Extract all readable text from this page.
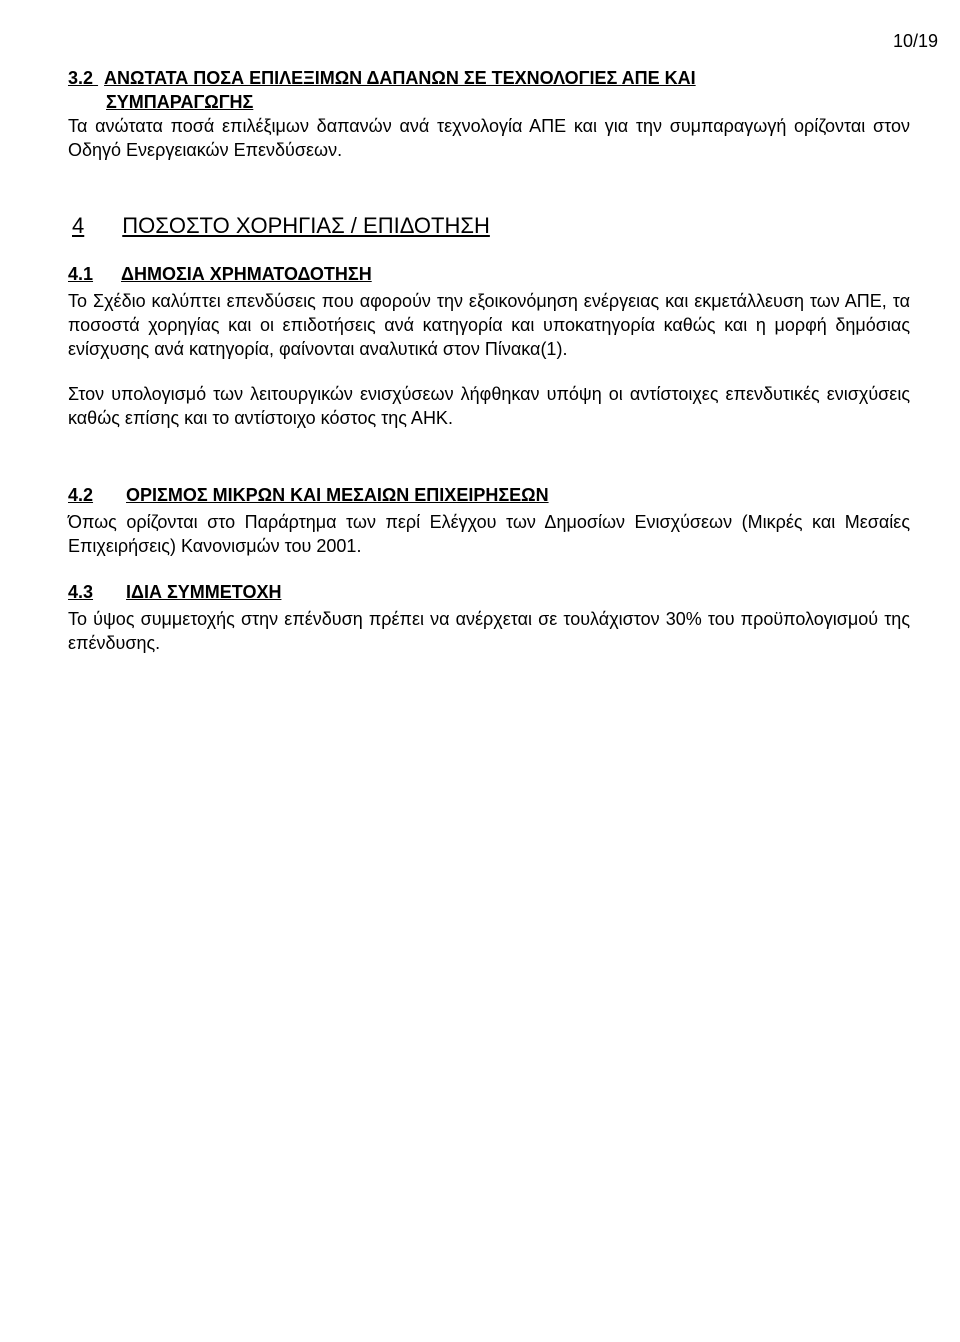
10/19
3.2 ΑΝΩΤΑΤΑ ΠΟΣΑ ΕΠΙΛΕΞΙΜΩΝ ΔΑΠΑΝΩΝ ΣΕ ΤΕΧΝΟΛΟΓΙΕΣ ΑΠΕ ΚΑΙ
ΣΥΜΠΑΡΑΓΩΓΗΣ
Τα ανώτατα ποσά επιλέξιμων δαπανών ανά τεχνολογία ΑΠΕ και για την συμπαραγωγή ορίζονται στον Οδηγό Ενεργειακών Επενδύσεων.
4 ΠΟΣΟΣΤΟ ΧΟΡΗΓΙΑΣ / ΕΠΙΔΟΤΗΣΗ
4.1 ΔΗΜΟΣΙΑ ΧΡΗΜΑΤΟΔΟΤΗΣΗ
Το Σχέδιο καλύπτει επενδύσεις που αφορούν την εξοικονόμηση ενέργειας και εκμετάλλευση των ΑΠΕ, τα ποσοστά χορηγίας και οι επιδοτήσεις ανά κατηγορία και υποκατηγορία καθώς και η μορφή δημόσιας ενίσχυσης ανά κατηγορία, φαίνονται αναλυτικά στον Πίνακα(1).
Στον υπολογισμό των λειτουργικών ενισχύσεων λήφθηκαν υπόψη οι αντίστοιχες επενδυτικές ενισχύσεις καθώς επίσης και το αντίστοιχο κόστος της ΑΗΚ.
4.2 ΟΡΙΣΜΟΣ ΜΙΚΡΩΝ ΚΑΙ ΜΕΣΑΙΩΝ ΕΠΙΧΕΙΡΗΣΕΩΝ
Όπως ορίζονται στο Παράρτημα των περί Ελέγχου των Δημοσίων Ενισχύσεων (Μικρές και Μεσαίες Επιχειρήσεις) Κανονισμών του 2001.
4.3 ΙΔΙΑ ΣΥΜΜΕΤΟΧΗ
Το ύψος συμμετοχής στην επένδυση πρέπει να ανέρχεται σε τουλάχιστον 30% του προϋπολογισμού της επένδυσης.
